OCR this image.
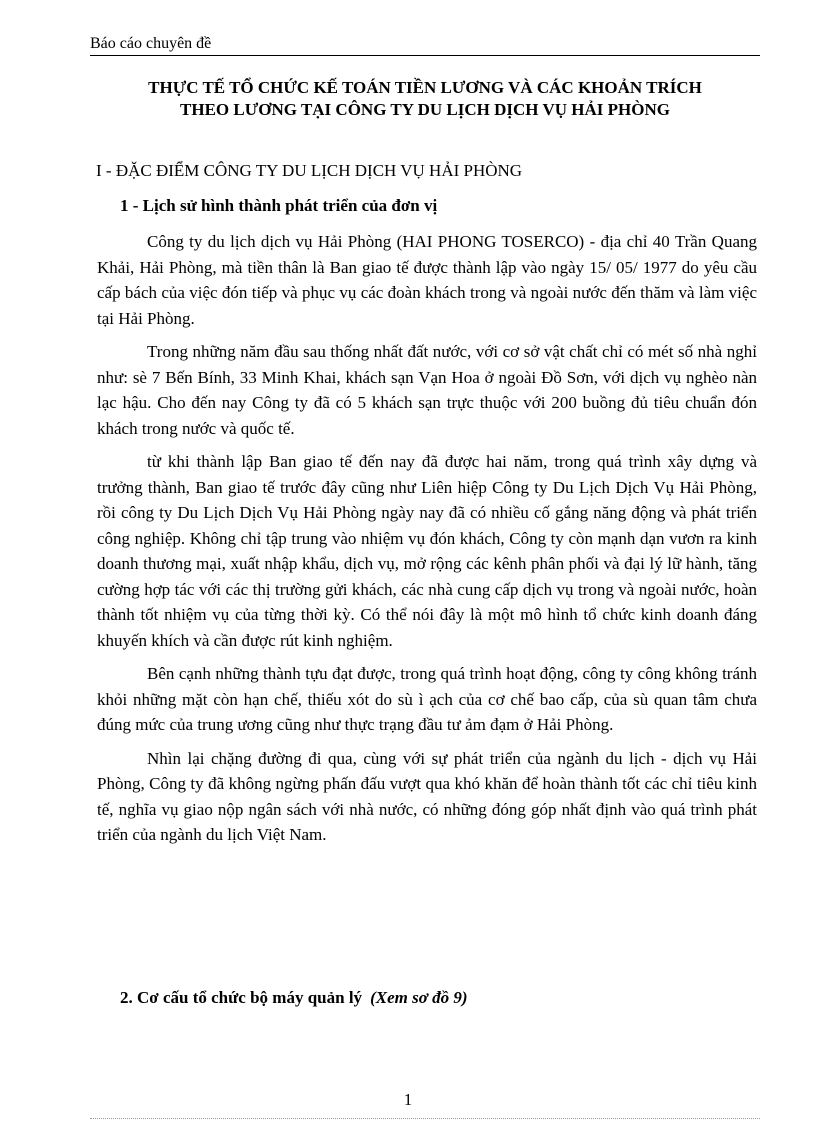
Báo cáo chuyên đề
THỰC TẾ TỔ CHỨC KẾ TOÁN TIỀN LƯƠNG VÀ CÁC KHOẢN TRÍCH
THEO LƯƠNG TẠI CÔNG TY DU LỊCH DỊCH VỤ HẢI PHÒNG
I - ĐẶC ĐIỂM CÔNG TY DU LỊCH DỊCH VỤ HẢI PHÒNG
1 - Lịch sử hình thành phát triển của đơn vị

Công ty du lịch dịch vụ Hải Phòng (HAI PHONG TOSERCO) - địa chỉ 40 Trần Quang Khải, Hải Phòng, mà tiền thân là Ban giao tế được thành lập vào ngày 15/ 05/ 1977 do yêu cầu cấp bách của việc đón tiếp và phục vụ các đoàn khách trong và ngoài nước đến thăm và làm việc tại Hải Phòng.

Trong những năm đầu sau thống nhất đất nước, với cơ sở vật chất chỉ có mét số nhà nghỉ như: sè 7 Bến Bính, 33 Minh Khai, khách sạn Vạn Hoa ở ngoài Đồ Sơn, với dịch vụ nghèo nàn lạc hậu. Cho đến nay Công ty đã có 5 khách sạn trực thuộc với 200 buồng đủ tiêu chuẩn đón khách trong nước và quốc tế.

từ khi thành lập Ban giao tế đến nay đã được hai năm, trong quá trình xây dựng và trưởng thành, Ban giao tế trước đây cũng như Liên hiệp Công ty Du Lịch Dịch Vụ Hải Phòng, rồi công ty Du Lịch Dịch Vụ Hải Phòng ngày nay đã có nhiều cố gắng năng động và phát triển công nghiệp. Không chỉ tập trung vào nhiệm vụ đón khách, Công ty còn mạnh dạn vươn ra kinh doanh thương mại, xuất nhập khẩu, dịch vụ, mở rộng các kênh phân phối và đại lý lữ hành, tăng cường hợp tác với các thị trường gửi khách, các nhà cung cấp dịch vụ trong và ngoài nước, hoàn thành tốt nhiệm vụ của từng thời kỳ. Có thể nói đây là một mô hình tổ chức kinh doanh đáng khuyến khích và cần được rút kinh nghiệm.

Bên cạnh những thành tựu đạt được, trong quá trình hoạt động, công ty công không tránh khỏi những mặt còn hạn chế, thiếu xót do sù ì ạch của cơ chế bao cấp, của sù quan tâm chưa đúng mức của trung ương cũng như thực trạng đầu tư ảm đạm ở Hải Phòng.

Nhìn lại chặng đường đi qua, cùng với sự phát triển của ngành du lịch - dịch vụ Hải Phòng, Công ty đã không ngừng phấn đấu vượt qua khó khăn để hoàn thành tốt các chỉ tiêu kinh tế, nghĩa vụ giao nộp ngân sách với nhà nước, có những đóng góp nhất định vào quá trình phát triển của ngành du lịch Việt Nam.

2. Cơ cấu tổ chức bộ máy quản lý (Xem sơ đồ 9)
1
